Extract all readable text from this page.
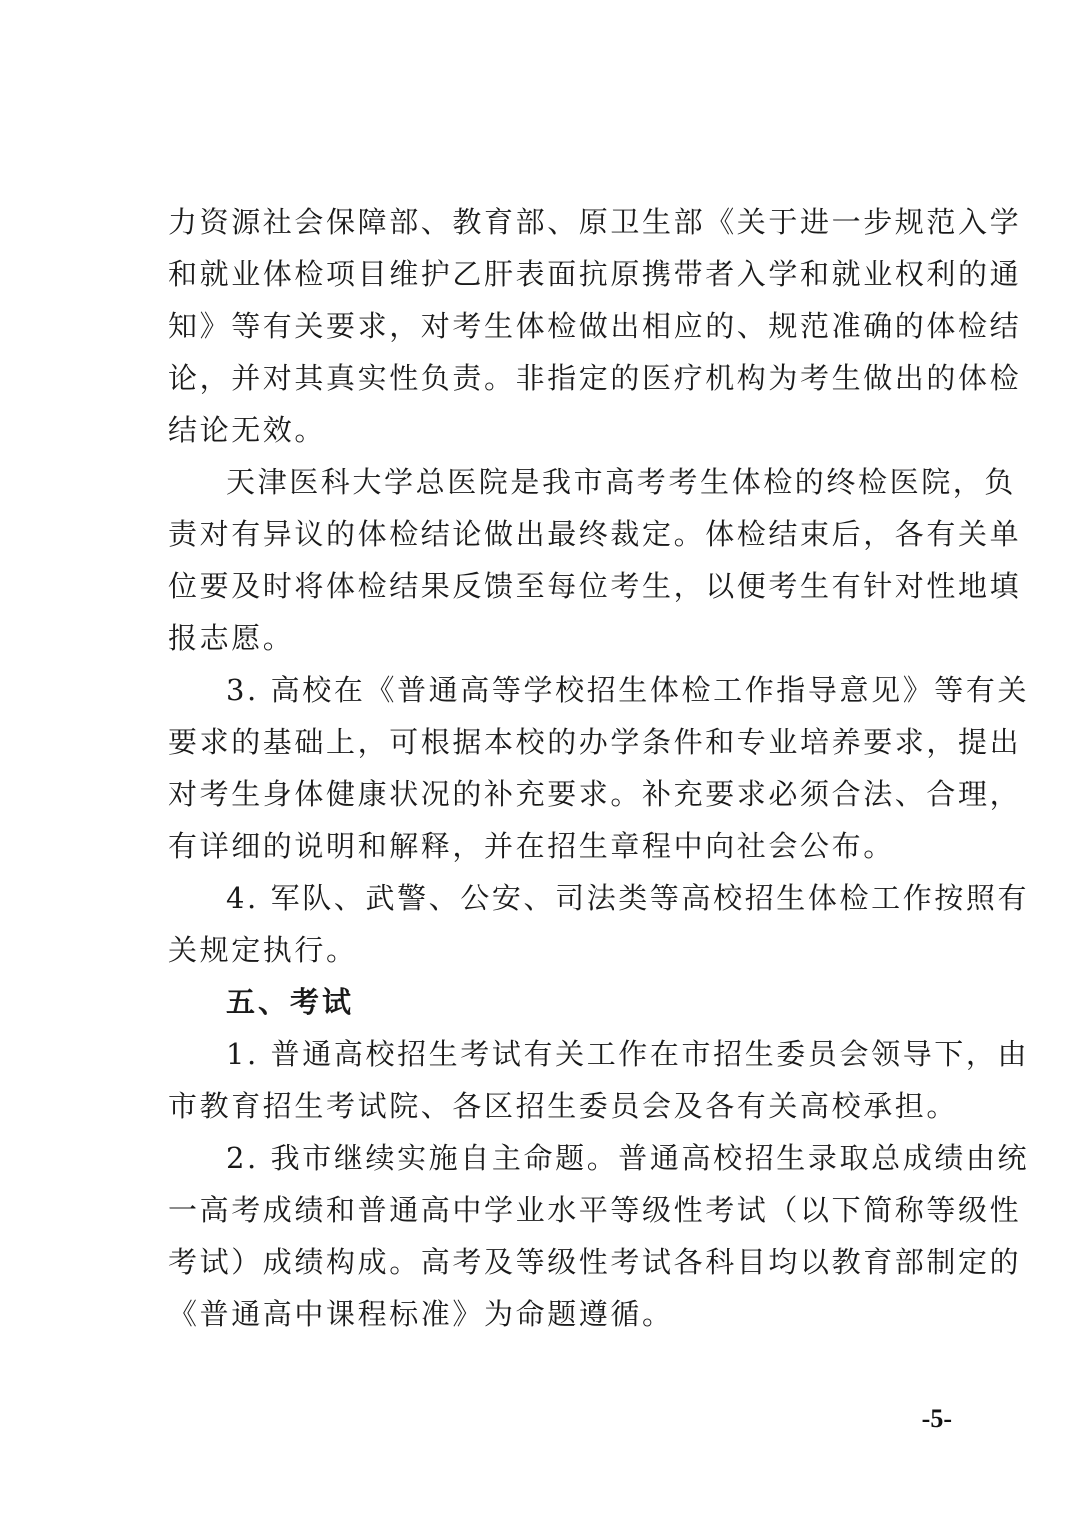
力资源社会保障部、教育部、原卫生部《关于进一步规范入学
和就业体检项目维护乙肝表面抗原携带者入学和就业权利的通
知》等有关要求，对考生体检做出相应的、规范准确的体检结
论，并对其真实性负责。非指定的医疗机构为考生做出的体检
结论无效。
天津医科大学总医院是我市高考考生体检的终检医院，负
责对有异议的体检结论做出最终裁定。体检结束后，各有关单
位要及时将体检结果反馈至每位考生，以便考生有针对性地填
报志愿。
3. 高校在《普通高等学校招生体检工作指导意见》等有关
要求的基础上，可根据本校的办学条件和专业培养要求，提出
对考生身体健康状况的补充要求。补充要求必须合法、合理，
有详细的说明和解释，并在招生章程中向社会公布。
4. 军队、武警、公安、司法类等高校招生体检工作按照有
关规定执行。
五、考试
1. 普通高校招生考试有关工作在市招生委员会领导下，由
市教育招生考试院、各区招生委员会及各有关高校承担。
2. 我市继续实施自主命题。普通高校招生录取总成绩由统
一高考成绩和普通高中学业水平等级性考试（以下简称等级性
考试）成绩构成。高考及等级性考试各科目均以教育部制定的
《普通高中课程标准》为命题遵循。
-5-
